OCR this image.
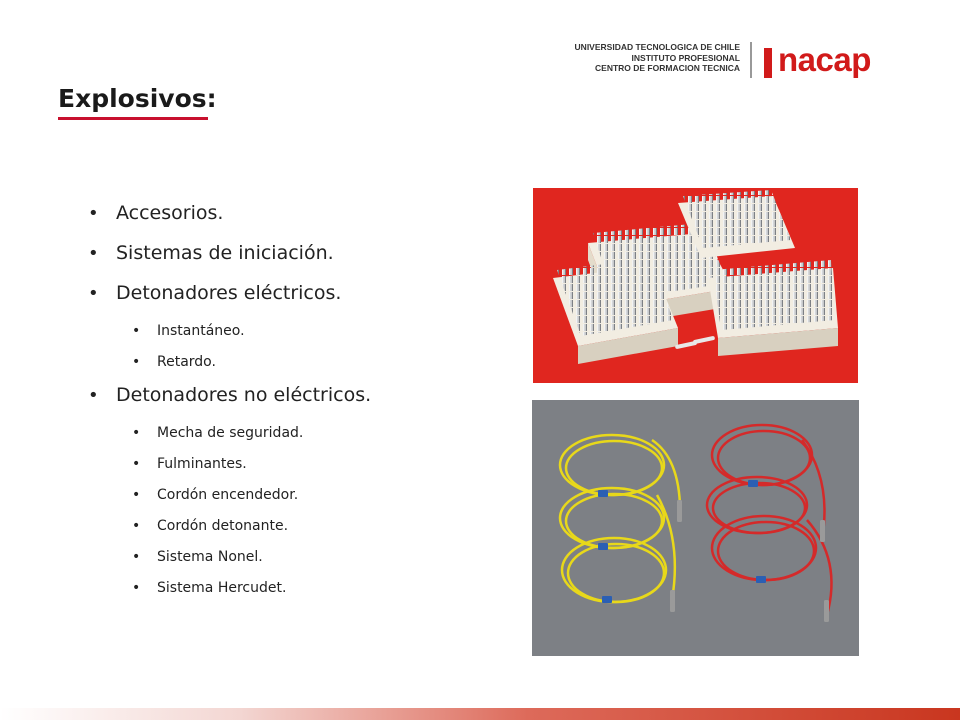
Explosivos:
UNIVERSIDAD TECNOLOGICA DE CHILE
INSTITUTO PROFESIONAL
CENTRO DE FORMACION TECNICA nacap
• Accesorios.
• Sistemas de iniciación.
• Detonadores eléctricos.
• Instantáneo.
• Retardo.
• Detonadores no eléctricos.
• Mecha de seguridad.
• Fulminantes.
• Cordón encendedor.
• Cordón detonante.
• Sistema Nonel.
• Sistema Hercudet.
